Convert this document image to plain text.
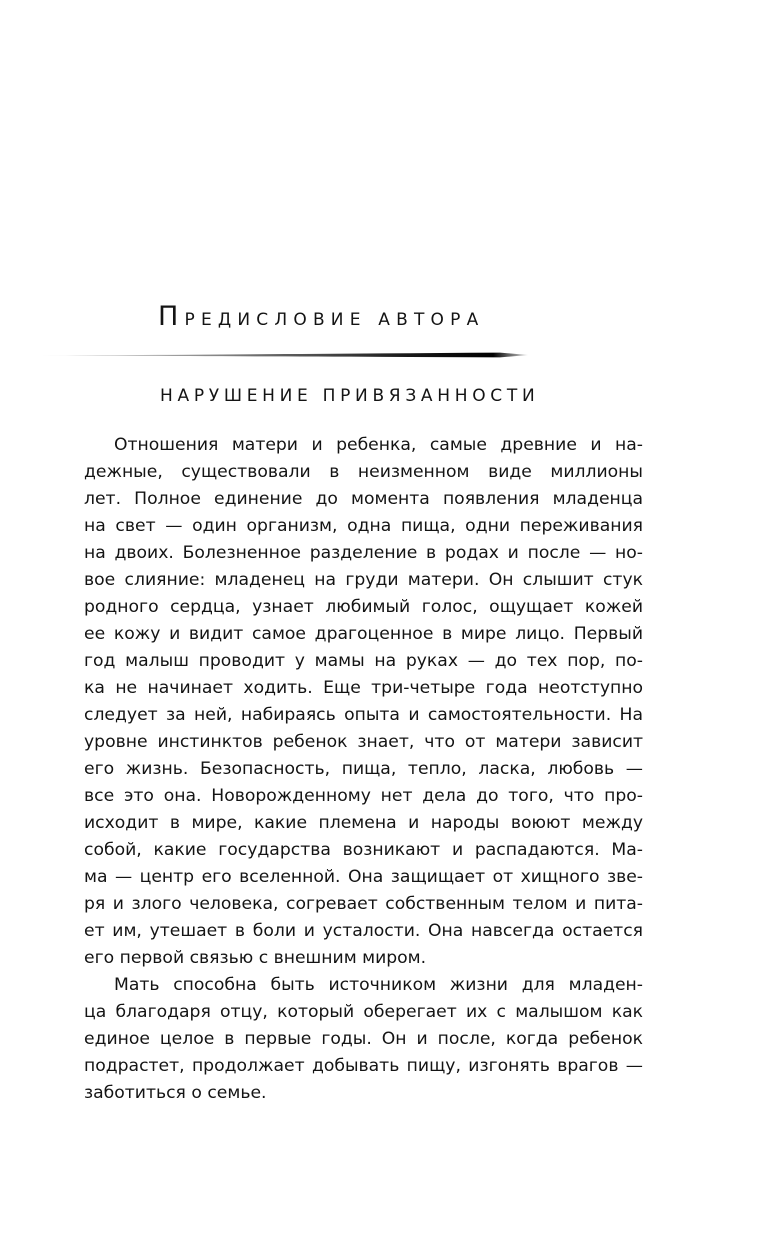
ПРЕДИСЛОВИЕ АВТОРА
НАРУШЕНИЕ ПРИВЯЗАННОСТИ

Отношения матери и ребенка, самые древние и на-
дежные, существовали в неизменном виде миллионы
лет. Полное единение до момента появления младенца
на свет — один организм, одна пища, одни переживания
на двоих. Болезненное разделение в родах и после — но-
вое слияние: младенец на груди матери. Он слышит стук
родного сердца, узнает любимый голос, ощущает кожей
ее кожу и видит самое драгоценное в мире лицо. Первый
год малыш проводит у мамы на руках — до тех пор, по-
ка не начинает ходить. Еще три-четыре года неотступно
следует за ней, набираясь опыта и самостоятельности. На
уровне инстинктов ребенок знает, что от матери зависит
его жизнь. Безопасность, пища, тепло, ласка, любовь —
все это она. Новорожденному нет дела до того, что про-
исходит в мире, какие племена и народы воюют между
собой, какие государства возникают и распадаются. Ма-
ма — центр его вселенной. Она защищает от хищного зве-
ря и злого человека, согревает собственным телом и пита-
ет им, утешает в боли и усталости. Она навсегда остается
его первой связью с внешним миром.

Мать способна быть источником жизни для младен-
ца благодаря отцу, который оберегает их с малышом как
единое целое в первые годы. Он и после, когда ребенок
подрастет, продолжает добывать пищу, изгонять врагов —
заботиться о семье.
